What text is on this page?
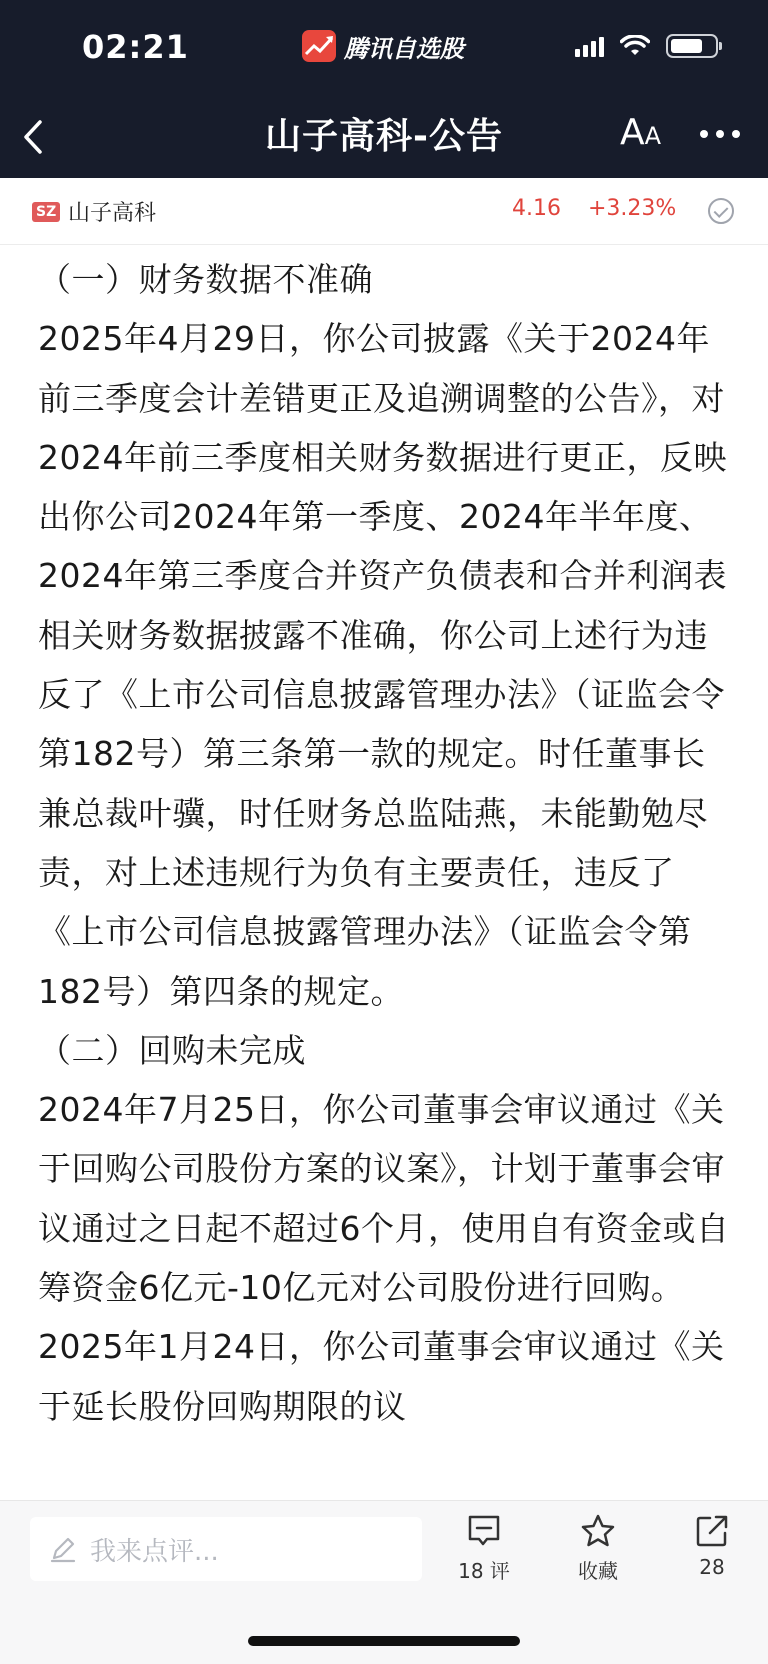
02:21	腾讯自选股
山子高科-公告	AA
SZ 山子高科	4.16 +3.23%

（一）财务数据不准确

2025年4月29日，你公司披露《关于2024年前三季度会计差错更正及追溯调整的公告》，对2024年前三季度相关财务数据进行更正，反映出你公司2024年第一季度、2024年半年度、2024年第三季度合并资产负债表和合并利润表相关财务数据披露不准确，你公司上述行为违反了《上市公司信息披露管理办法》（证监会令第182号）第三条第一款的规定。时任董事长兼总裁叶骥，时任财务总监陆燕，未能勤勉尽责，对上述违规行为负有主要责任，违反了《上市公司信息披露管理办法》（证监会令第182号）第四条的规定。

（二）回购未完成

2024年7月25日，你公司董事会审议通过《关于回购公司股份方案的议案》，计划于董事会审议通过之日起不超过6个月，使用自有资金或自筹资金6亿元-10亿元对公司股份进行回购。2025年1月24日，你公司董事会审议通过《关于延长股份回购期限的议

我来点评...
18 评	收藏	28
